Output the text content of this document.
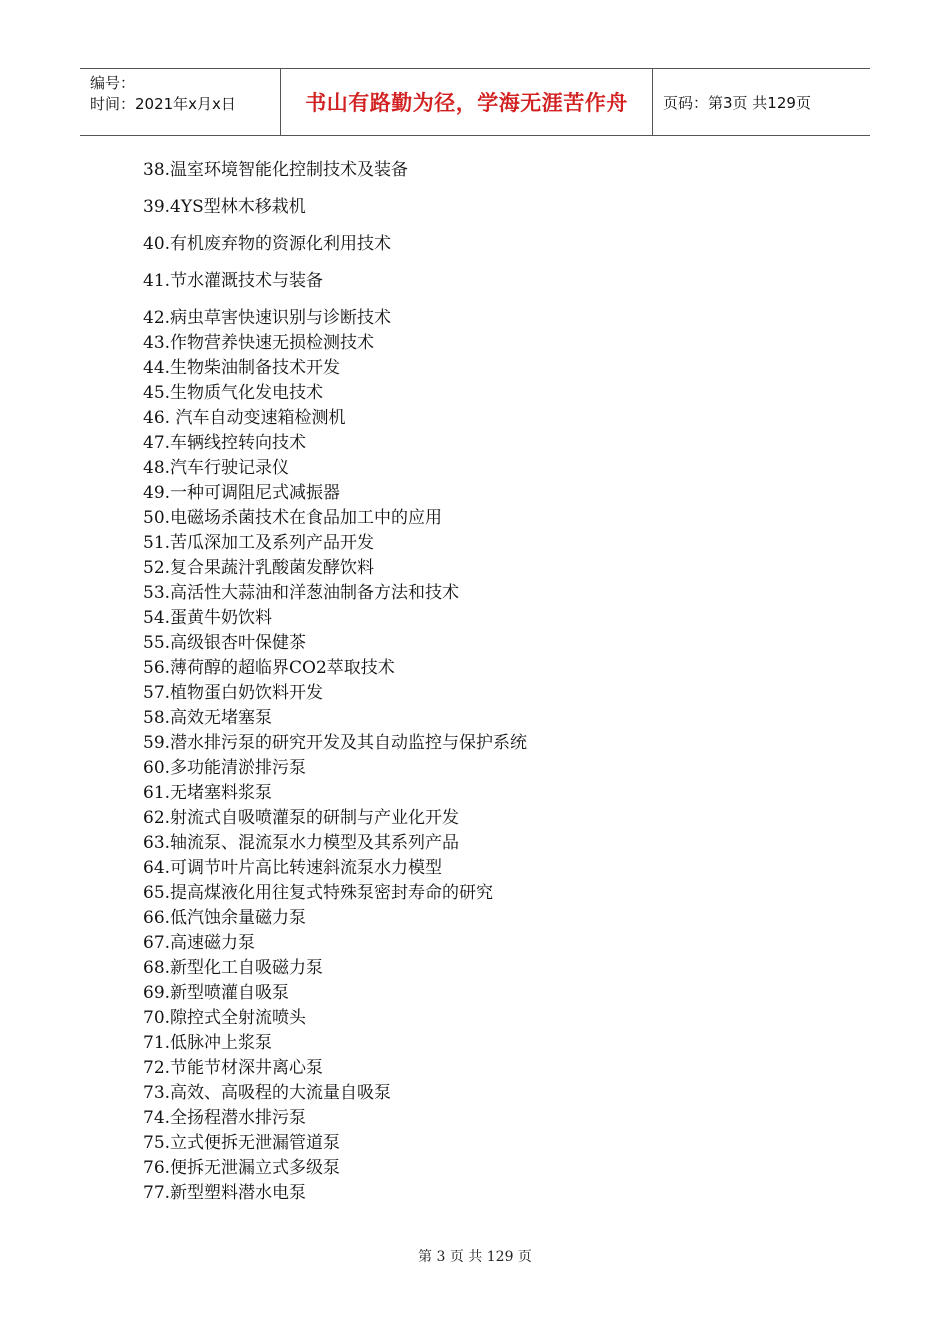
编号：
时间：2021年x月x日	书山有路勤为径，学海无涯苦作舟 页码：第3页 共129页
38.温室环境智能化控制技术及装备
39.4YS型林木移栽机
40.有机废弃物的资源化利用技术
41.节水灌溉技术与装备
42.病虫草害快速识别与诊断技术
43.作物营养快速无损检测技术
44.生物柴油制备技术开发
45.生物质气化发电技术
46. 汽车自动变速箱检测机
47.车辆线控转向技术
48.汽车行驶记录仪
49.一种可调阻尼式减振器
50.电磁场杀菌技术在食品加工中的应用
51.苦瓜深加工及系列产品开发
52.复合果蔬汁乳酸菌发酵饮料
53.高活性大蒜油和洋葱油制备方法和技术
54.蛋黄牛奶饮料
55.高级银杏叶保健茶
56.薄荷醇的超临界CO2萃取技术
57.植物蛋白奶饮料开发
58.高效无堵塞泵
59.潜水排污泵的研究开发及其自动监控与保护系统
60.多功能清淤排污泵
61.无堵塞料浆泵
62.射流式自吸喷灌泵的研制与产业化开发
63.轴流泵、混流泵水力模型及其系列产品
64.可调节叶片高比转速斜流泵水力模型
65.提高煤液化用往复式特殊泵密封寿命的研究
66.低汽蚀余量磁力泵
67.高速磁力泵
68.新型化工自吸磁力泵
69.新型喷灌自吸泵
70.隙控式全射流喷头
71.低脉冲上浆泵
72.节能节材深井离心泵
73.高效、高吸程的大流量自吸泵
74.全扬程潜水排污泵
75.立式便拆无泄漏管道泵
76.便拆无泄漏立式多级泵
77.新型塑料潜水电泵
第 3 页 共 129 页
